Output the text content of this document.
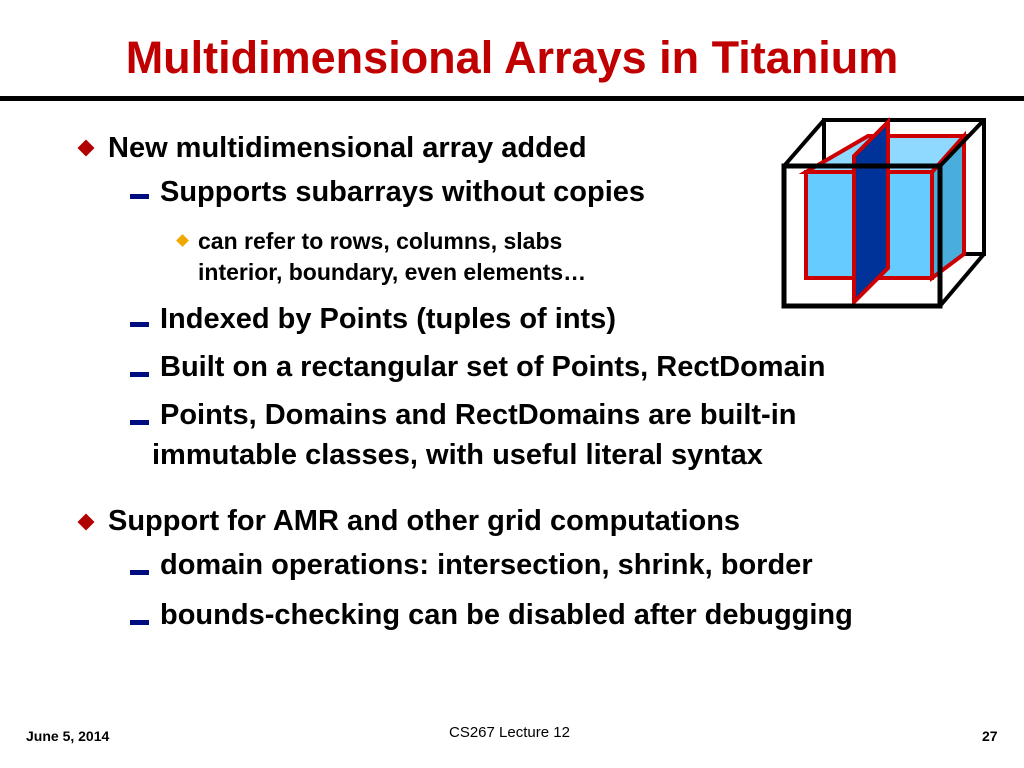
Multidimensional Arrays in Titanium
New multidimensional array added
Supports subarrays without copies
can refer to rows, columns, slabs
interior, boundary, even elements…
Indexed by Points (tuples of ints)
Built on a rectangular set of Points, RectDomain
Points, Domains and RectDomains are built-in
immutable classes, with useful literal syntax
Support for AMR and other grid computations
domain operations: intersection, shrink, border
bounds-checking can be disabled after debugging
June 5, 2014	CS267 Lecture 12	27
